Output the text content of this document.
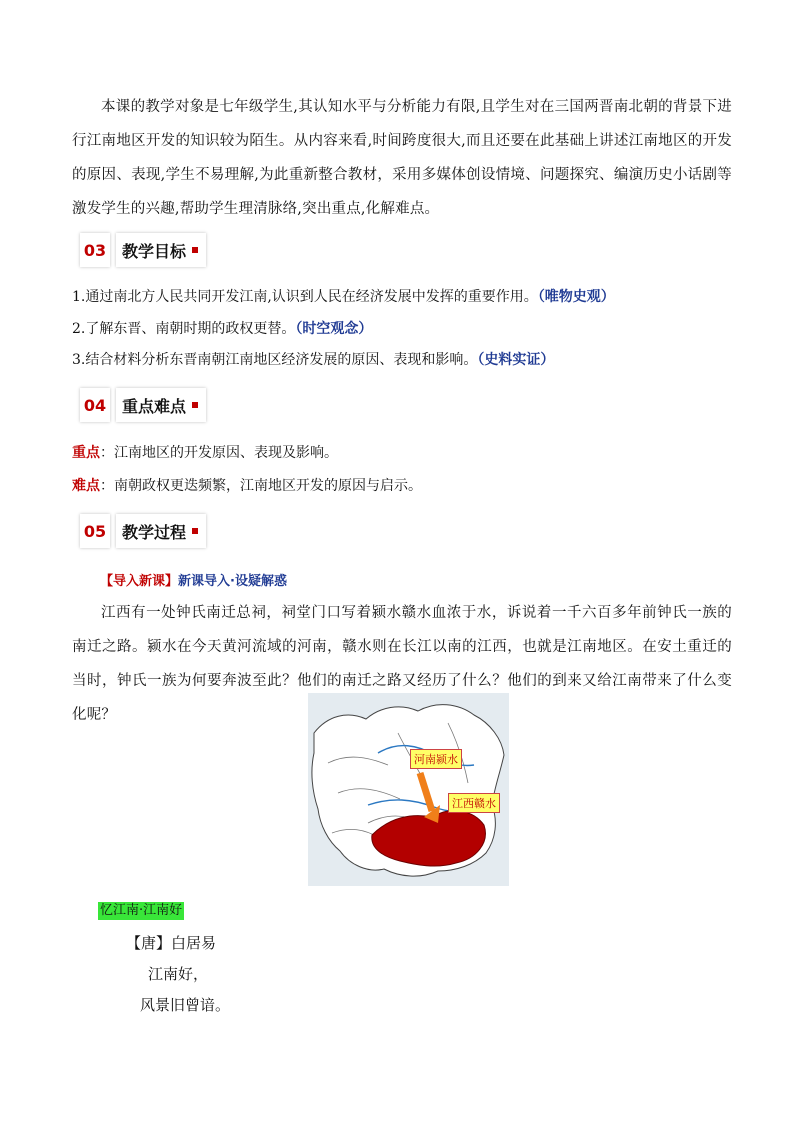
本课的教学对象是七年级学生,其认知水平与分析能力有限,且学生对在三国两晋南北朝的背景下进行江南地区开发的知识较为陌生。从内容来看,时间跨度很大,而且还要在此基础上讲述江南地区的开发的原因、表现,学生不易理解,为此重新整合教材，采用多媒体创设情境、问题探究、编演历史小话剧等激发学生的兴趣,帮助学生理清脉络,突出重点,化解难点。

03 教学目标
1.通过南北方人民共同开发江南,认识到人民在经济发展中发挥的重要作用。（唯物史观）
2.了解东晋、南朝时期的政权更替。（时空观念）
3.结合材料分析东晋南朝江南地区经济发展的原因、表现和影响。（史料实证）
04 重点难点
重点：江南地区的开发原因、表现及影响。
难点：南朝政权更迭频繁，江南地区开发的原因与启示。
05 教学过程
【导入新课】新课导入·设疑解惑

江西有一处钟氏南迁总祠，祠堂门口写着颍水赣水血浓于水，诉说着一千六百多年前钟氏一族的南迁之路。颍水在今天黄河流域的河南，赣水则在长江以南的江西，也就是江南地区。在安土重迁的当时，钟氏一族为何要奔波至此？他们的南迁之路又经历了什么？他们的到来又给江南带来了什么变化呢？

河南颍水
江西赣水
忆江南·江南好
【唐】白居易
江南好，
风景旧曾谙。
